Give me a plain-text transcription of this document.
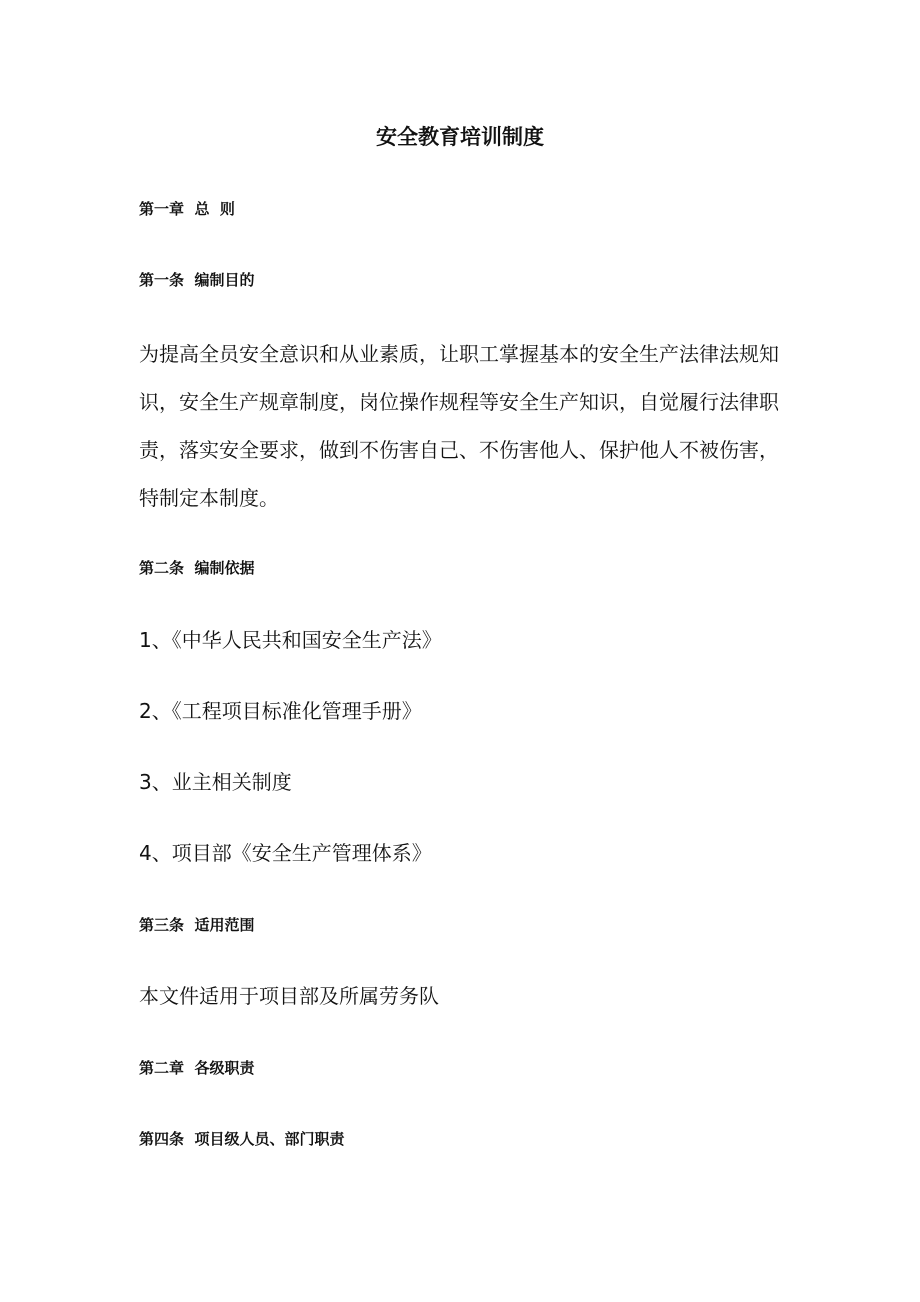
安全教育培训制度
第一章  总  则
第一条  编制目的

为提高全员安全意识和从业素质，让职工掌握基本的安全生产法律法规知识，安全生产规章制度，岗位操作规程等安全生产知识，自觉履行法律职责，落实安全要求，做到不伤害自己、不伤害他人、保护他人不被伤害，特制定本制度。

第二条  编制依据

1、《中华人民共和国安全生产法》

2、《工程项目标准化管理手册》

3、业主相关制度

4、项目部《安全生产管理体系》

第三条  适用范围

本文件适用于项目部及所属劳务队

第二章  各级职责
第四条  项目级人员、部门职责
